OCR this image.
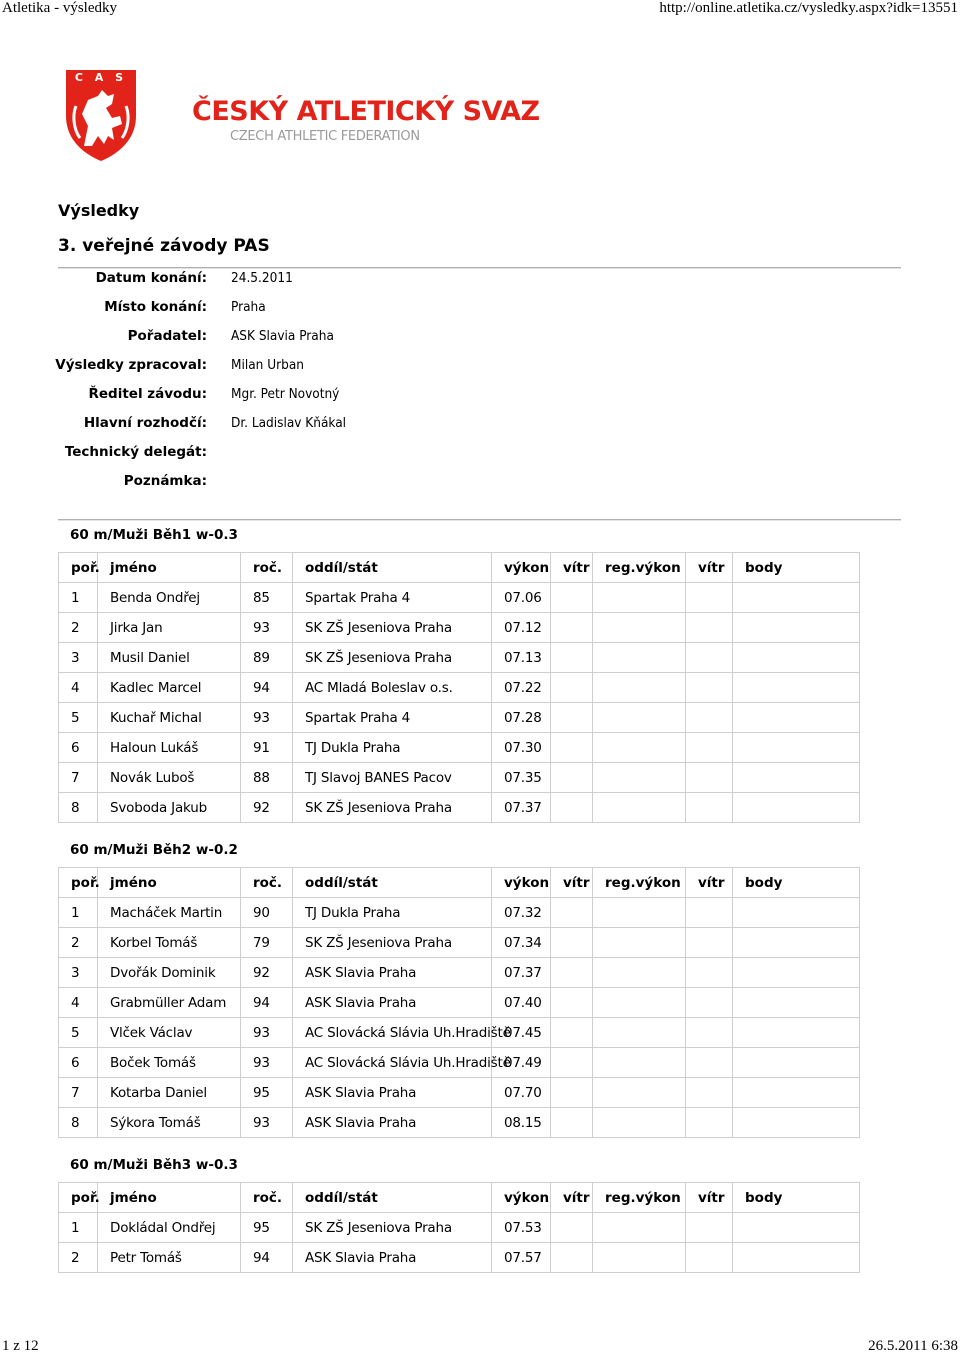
Atletika - výsledky	http://online.atletika.cz/vysledky.aspx?idk=13551
C A S
ČESKÝ ATLETICKÝ SVAZ
CZECH ATHLETIC FEDERATION
Výsledky
3. veřejné závody PAS
Datum konání: 24.5.2011
Místo konání: Praha
Pořadatel: ASK Slavia Praha
Výsledky zpracoval: Milan Urban
Ředitel závodu: Mgr. Petr Novotný
Hlavní rozhodčí: Dr. Ladislav Kňákal
Technický delegát:
Poznámka:
60 m/Muži Běh1 w-0.3
poř.	jméno	roč.	oddíl/stát	výkon	vítr	reg.výkon	vítr	body
1	Benda Ondřej	85	Spartak Praha 4	07.06				
2	Jirka Jan	93	SK ZŠ Jeseniova Praha	07.12				
3	Musil Daniel	89	SK ZŠ Jeseniova Praha	07.13				
4	Kadlec Marcel	94	AC Mladá Boleslav o.s.	07.22				
5	Kuchař Michal	93	Spartak Praha 4	07.28				
6	Haloun Lukáš	91	TJ Dukla Praha	07.30				
7	Novák Luboš	88	TJ Slavoj BANES Pacov	07.35				
8	Svoboda Jakub	92	SK ZŠ Jeseniova Praha	07.37				
60 m/Muži Běh2 w-0.2
poř.	jméno	roč.	oddíl/stát	výkon	vítr	reg.výkon	vítr	body
1	Macháček Martin	90	TJ Dukla Praha	07.32				
2	Korbel Tomáš	79	SK ZŠ Jeseniova Praha	07.34				
3	Dvořák Dominik	92	ASK Slavia Praha	07.37				
4	Grabmüller Adam	94	ASK Slavia Praha	07.40				
5	Vlček Václav	93	AC Slovácká Slávia Uh.Hradiště	07.45				
6	Boček Tomáš	93	AC Slovácká Slávia Uh.Hradiště	07.49				
7	Kotarba Daniel	95	ASK Slavia Praha	07.70				
8	Sýkora Tomáš	93	ASK Slavia Praha	08.15				
60 m/Muži Běh3 w-0.3
poř.	jméno	roč.	oddíl/stát	výkon	vítr	reg.výkon	vítr	body
1	Dokládal Ondřej	95	SK ZŠ Jeseniova Praha	07.53				
2	Petr Tomáš	94	ASK Slavia Praha	07.57				
1 z 12	26.5.2011 6:38
